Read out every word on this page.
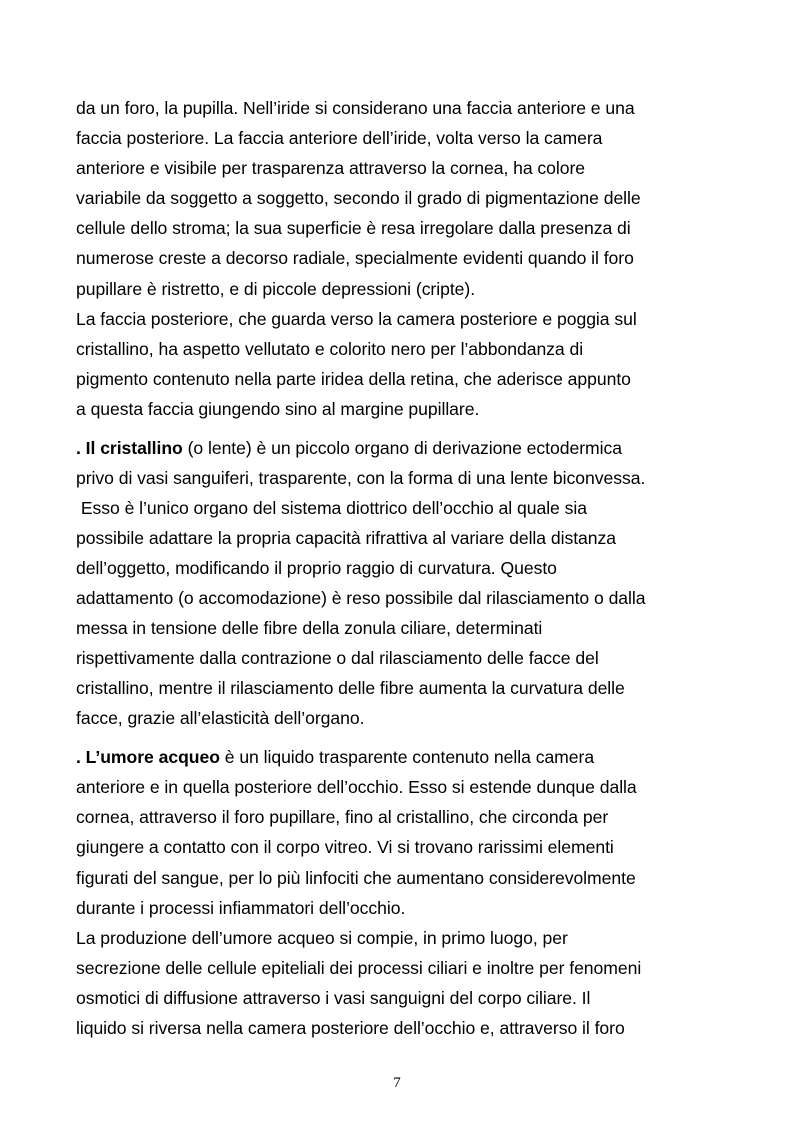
da un foro, la pupilla. Nell’iride si considerano una faccia anteriore e una
faccia posteriore. La faccia anteriore dell’iride, volta verso la camera
anteriore e visibile per trasparenza attraverso la cornea, ha colore
variabile da soggetto a soggetto, secondo il grado di pigmentazione delle
cellule dello stroma; la sua superficie è resa irregolare dalla presenza di
numerose creste a decorso radiale, specialmente evidenti quando il foro
pupillare è ristretto, e di piccole depressioni (cripte).
La faccia posteriore, che guarda verso la camera posteriore e poggia sul
cristallino, ha aspetto vellutato e colorito nero per l’abbondanza di
pigmento contenuto nella parte iridea della retina, che aderisce appunto
a questa faccia giungendo sino al margine pupillare.
. Il cristallino (o lente) è un piccolo organo di derivazione ectodermica
privo di vasi sanguiferi, trasparente, con la forma di una lente biconvessa.
Esso è l’unico organo del sistema diottrico dell’occhio al quale sia
possibile adattare la propria capacità rifrattiva al variare della distanza
dell’oggetto, modificando il proprio raggio di curvatura. Questo
adattamento (o accomodazione) è reso possibile dal rilasciamento o dalla
messa in tensione delle fibre della zonula ciliare, determinati
rispettivamente dalla contrazione o dal rilasciamento delle facce del
cristallino, mentre il rilasciamento delle fibre aumenta la curvatura delle
facce, grazie all’elasticità dell’organo.
. L’umore acqueo è un liquido trasparente contenuto nella camera
anteriore e in quella posteriore dell’occhio. Esso si estende dunque dalla
cornea, attraverso il foro pupillare, fino al cristallino, che circonda per
giungere a contatto con il corpo vitreo. Vi si trovano rarissimi elementi
figurati del sangue, per lo più linfociti che aumentano considerevolmente
durante i processi infiammatori dell’occhio.
La produzione dell’umore acqueo si compie, in primo luogo, per
secrezione delle cellule epiteliali dei processi ciliari e inoltre per fenomeni
osmotici di diffusione attraverso i vasi sanguigni del corpo ciliare. Il
liquido si riversa nella camera posteriore dell’occhio e, attraverso il foro
7
